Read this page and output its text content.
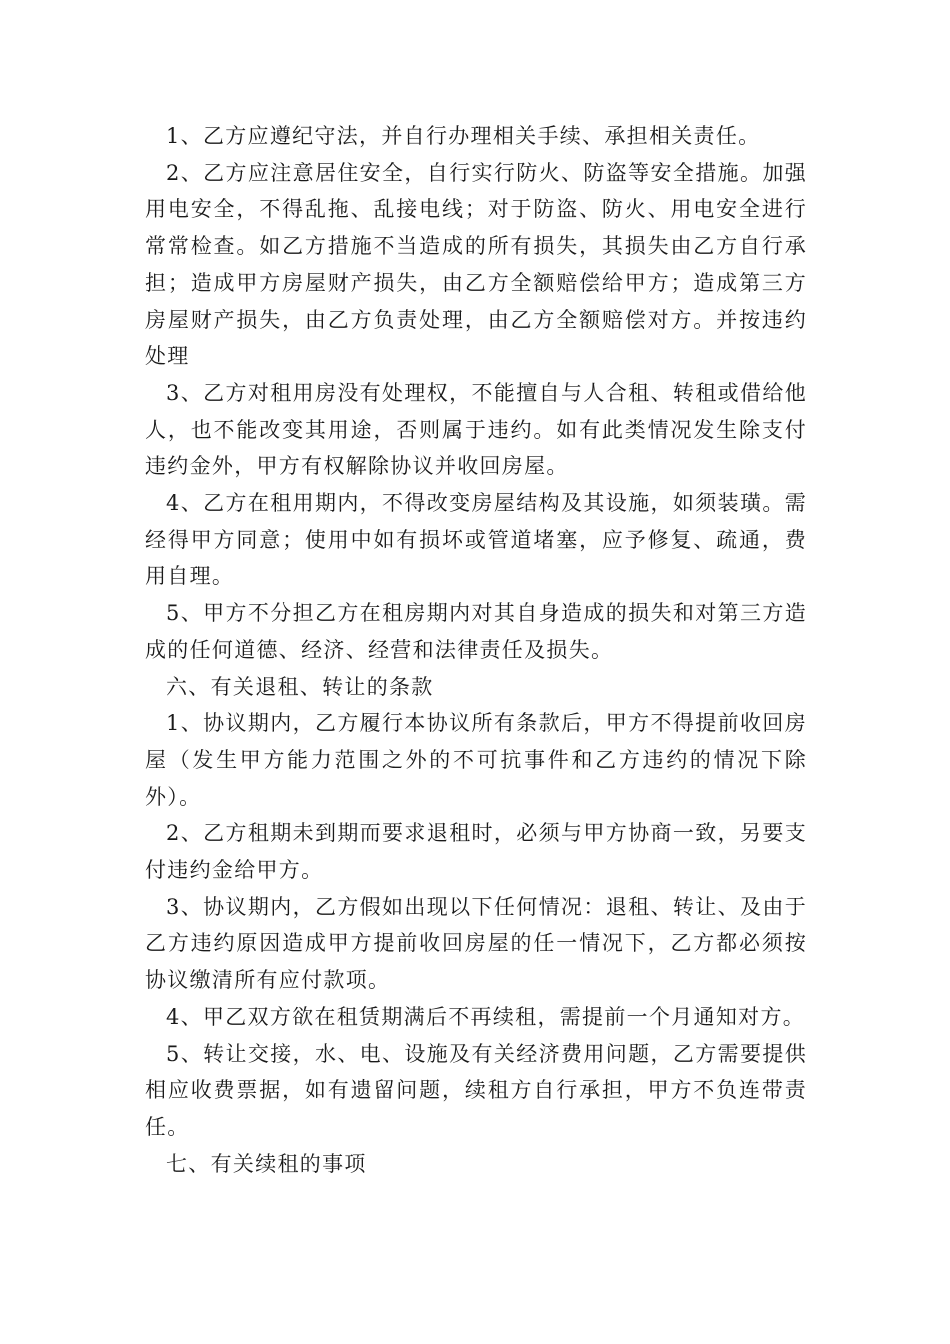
1、乙方应遵纪守法，并自行办理相关手续、承担相关责任。

2、乙方应注意居住安全，自行实行防火、防盗等安全措施。加强用电安全，不得乱拖、乱接电线；对于防盗、防火、用电安全进行常常检查。如乙方措施不当造成的所有损失，其损失由乙方自行承担；造成甲方房屋财产损失，由乙方全额赔偿给甲方；造成第三方房屋财产损失，由乙方负责处理，由乙方全额赔偿对方。并按违约处理

3、乙方对租用房没有处理权，不能擅自与人合租、转租或借给他人，也不能改变其用途，否则属于违约。如有此类情况发生除支付违约金外，甲方有权解除协议并收回房屋。

4、乙方在租用期内，不得改变房屋结构及其设施，如须装璜。需经得甲方同意；使用中如有损坏或管道堵塞，应予修复、疏通，费用自理。

5、甲方不分担乙方在租房期内对其自身造成的损失和对第三方造成的任何道德、经济、经营和法律责任及损失。

六、有关退租、转让的条款

1、协议期内，乙方履行本协议所有条款后，甲方不得提前收回房屋（发生甲方能力范围之外的不可抗事件和乙方违约的情况下除外）。

2、乙方租期未到期而要求退租时，必须与甲方协商一致，另要支付违约金给甲方。

3、协议期内，乙方假如出现以下任何情况：退租、转让、及由于乙方违约原因造成甲方提前收回房屋的任一情况下，乙方都必须按协议缴清所有应付款项。

4、甲乙双方欲在租赁期满后不再续租，需提前一个月通知对方。

5、转让交接，水、电、设施及有关经济费用问题，乙方需要提供相应收费票据，如有遗留问题，续租方自行承担，甲方不负连带责任。

七、有关续租的事项
